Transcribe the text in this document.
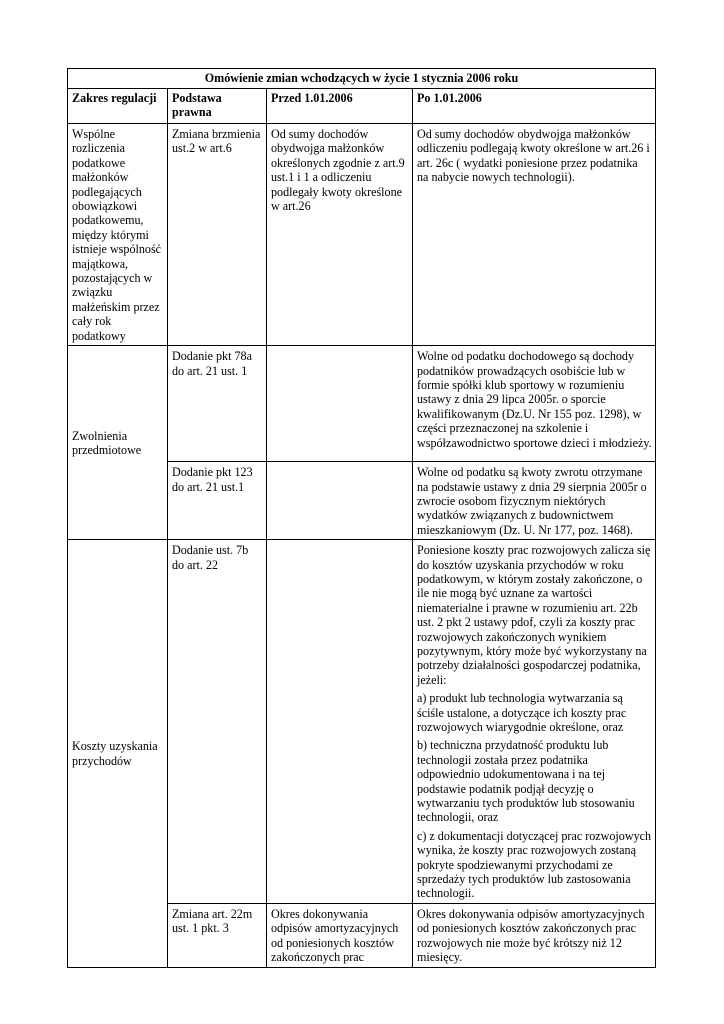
Omówienie zmian wchodzących w życie 1 stycznia 2006 roku			
Zakres regulacji	Podstawa prawna	Przed 1.01.2006	Po 1.01.2006
Wspólne rozliczenia podatkowe małżonków podlegających obowiązkowi podatkowemu, między którymi istnieje wspólność majątkowa, pozostających w związku małżeńskim przez cały rok podatkowy	Zmiana brzmienia ust.2 w art.6	Od sumy dochodów obydwojga małżonków określonych zgodnie z art.9 ust.1 i 1 a odliczeniu podlegały kwoty określone w art.26	Od sumy dochodów obydwojga małżonków odliczeniu podlegają kwoty określone w art.26 i art. 26c ( wydatki poniesione przez podatnika na nabycie nowych technologii).
Zwolnienia przedmiotowe	Dodanie pkt 78a do art. 21 ust. 1		Wolne od podatku dochodowego są dochody podatników prowadzących osobiście lub w formie spółki klub sportowy w rozumieniu ustawy z dnia 29 lipca 2005r. o sporcie kwalifikowanym (Dz.U. Nr 155 poz. 1298), w części przeznaczonej na szkolenie i współzawodnictwo sportowe dzieci i młodzieży.
	Dodanie pkt 123 do art. 21 ust.1		Wolne od podatku są kwoty zwrotu otrzymane na podstawie ustawy z dnia 29 sierpnia 2005r o zwrocie osobom fizycznym niektórych wydatków związanych z budownictwem mieszkaniowym (Dz. U. Nr 177, poz. 1468).
Koszty uzyskania przychodów	Dodanie ust. 7b do art. 22		Poniesione koszty prac rozwojowych zalicza się do kosztów uzyskania przychodów w roku podatkowym, w którym zostały zakończone, o ile nie mogą być uznane za wartości niematerialne i prawne w rozumieniu art. 22b ust. 2 pkt 2 ustawy pdof, czyli za koszty prac rozwojowych zakończonych wynikiem pozytywnym, który może być wykorzystany na potrzeby działalności gospodarczej podatnika, jeżeli:

a) produkt lub technologia wytwarzania są ściśle ustalone, a dotyczące ich koszty prac rozwojowych wiarygodnie określone, oraz

b) techniczna przydatność produktu lub technologii została przez podatnika odpowiednio udokumentowana i na tej podstawie podatnik podjął decyzję o wytwarzaniu tych produktów lub stosowaniu technologii, oraz

c) z dokumentacji dotyczącej prac rozwojowych wynika, że koszty prac rozwojowych zostaną pokryte spodziewanymi przychodami ze sprzedaży tych produktów lub zastosowania technologii.

	Zmiana art. 22m ust. 1 pkt. 3	Okres dokonywania odpisów amortyzacyjnych od poniesionych kosztów zakończonych prac	Okres dokonywania odpisów amortyzacyjnych od poniesionych kosztów zakończonych prac rozwojowych nie może być krótszy niż 12 miesięcy.
